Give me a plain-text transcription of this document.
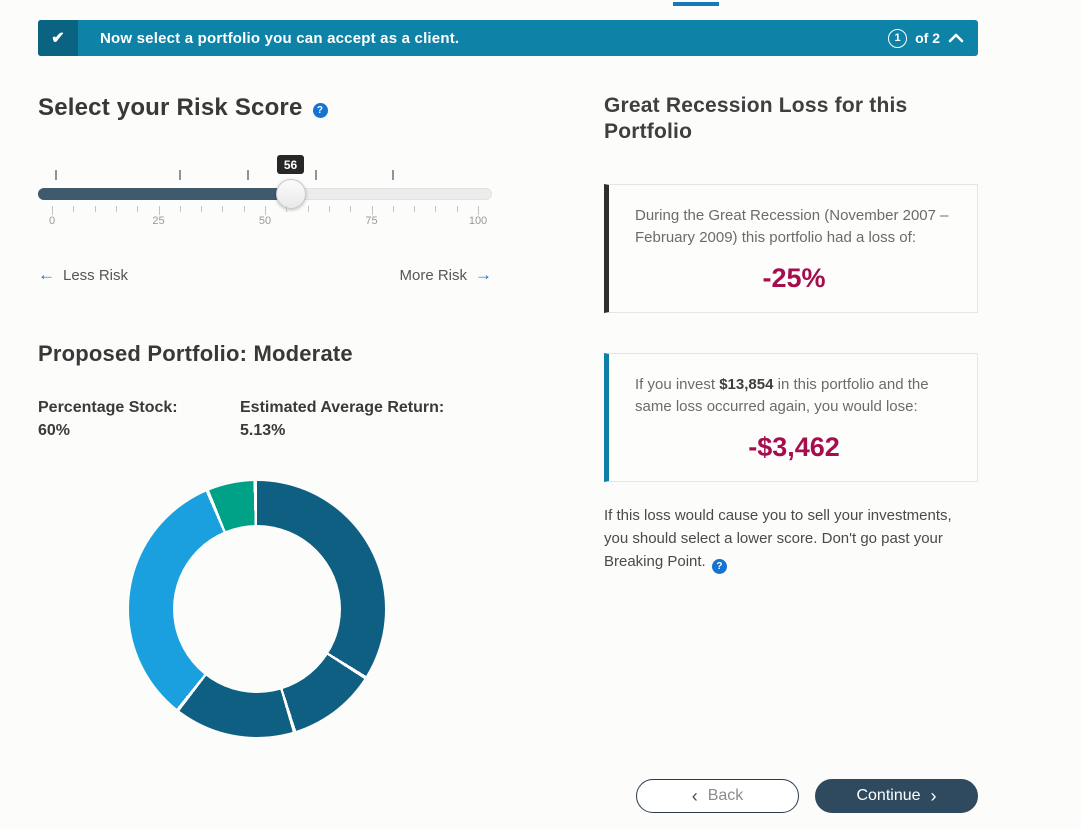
✔	Now select a portfolio you can accept as a client.	1	of 2
Select your Risk Score	?
56
0	25	50	75	100
← Less Risk	More Risk →
Proposed Portfolio: Moderate
Percentage Stock:
60%
Estimated Average Return:
5.13%
Great Recession Loss for this Portfolio
During the Great Recession (November 2007 – February 2009) this portfolio had a loss of:
-25%
If you invest $13,854 in this portfolio and the same loss occurred again, you would lose:
-$3,462
If this loss would cause you to sell your investments, you should select a lower score. Don't go past your Breaking Point. ?
‹ Back	Continue ›
